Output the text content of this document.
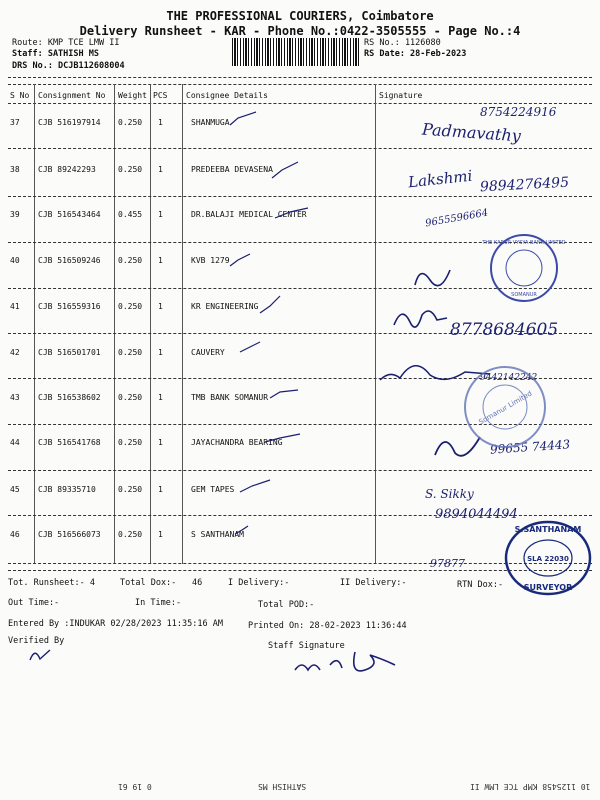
THE PROFESSIONAL COURIERS, Coimbatore
Delivery Runsheet - KAR - Phone No.:0422-3505555 - Page No.:4
Route: KMP TCE LMW II
Staff: SATHISH MS
DRS No.: DCJB112608004
RS No.: 1126080
RS Date: 28-Feb-2023
S No Consignment No Weight PCS Consignee Details	Signature
37 CJB 516197914 0.250 1	SHANMUGA
38 CJB 89242293	0.250 1	PREDEEBA DEVASENA
39 CJB 516543464 0.455 1	DR.BALAJI MEDICAL CENTER
40 CJB 516509246 0.250 1	KVB 1279
41 CJB 516559316 0.250 1	KR ENGINEERING
42 CJB 516501701 0.250 1	CAUVERY
43 CJB 516538602 0.250 1	TMB BANK SOMANUR
44 CJB 516541768 0.250 1	JAYACHANDRA BEARING
45 CJB 89335710	0.250 1	GEM TAPES
46 CJB 516566073 0.250 1	S SANTHANAM
8754224916
Padmavathy
Lakshmi 9894276495
9655596664
8778684605
9442142242
99655 74443
S. Sikky
9894044494
97877
THE KARUR VYSYA BANK LIMITED
SOMANUR
Somanur Limited
S.SANTHANAM
SLA 22030
SURVEYOR
Tot. Runsheet:- 4	Total Dox:- 46	I Delivery:-	II Delivery:-	RTN Dox:-
Out Time:-	In Time:-	Total POD:-
Entered By :INDUKAR 02/28/2023 11:35:16 AM	Printed On: 28-02-2023 11:36:44
Verified By	Staff Signature
10 1125458 KMP TCE LMW II
SATHISH MS
0 19 61
